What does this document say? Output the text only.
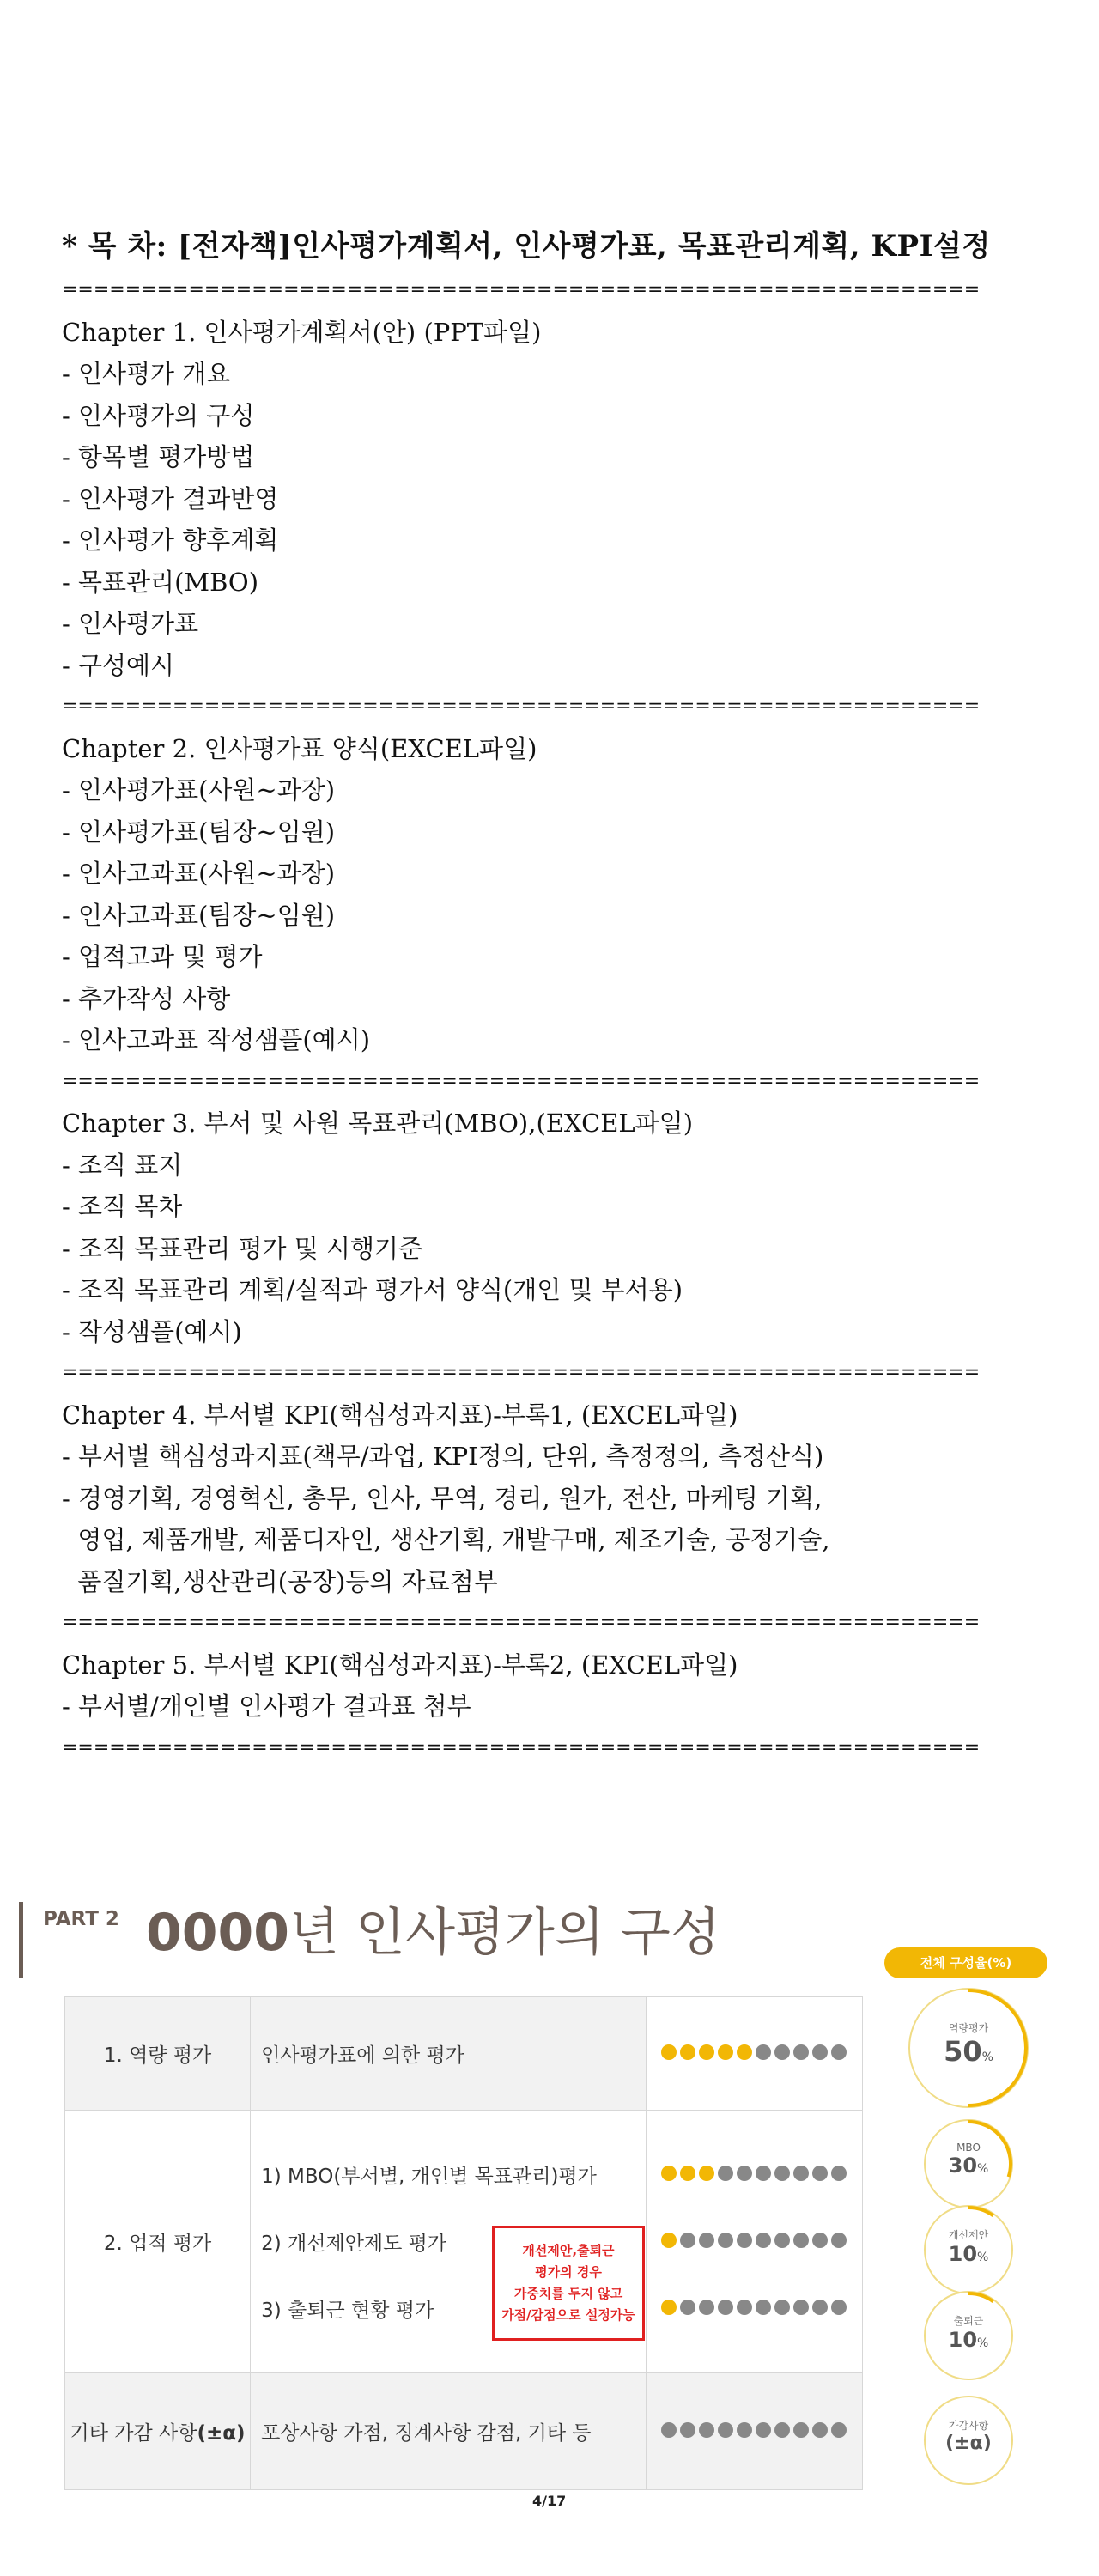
* 목 차: [전자책]인사평가계획서, 인사평가표, 목표관리계획, KPI설정

==========================================================

Chapter 1. 인사평가계획서(안) (PPT파일)

- 인사평가 개요

- 인사평가의 구성

- 항목별 평가방법

- 인사평가 결과반영

- 인사평가 향후계획

- 목표관리(MBO)

- 인사평가표

- 구성예시

==========================================================

Chapter 2. 인사평가표 양식(EXCEL파일)

- 인사평가표(사원~과장)

- 인사평가표(팀장~임원)

- 인사고과표(사원~과장)

- 인사고과표(팀장~임원)

- 업적고과 및 평가

- 추가작성 사항

- 인사고과표 작성샘플(예시)

==========================================================

Chapter 3. 부서 및 사원 목표관리(MBO),(EXCEL파일)

- 조직 표지

- 조직 목차

- 조직 목표관리 평가 및 시행기준

- 조직 목표관리 계획/실적과 평가서 양식(개인 및 부서용)

- 작성샘플(예시)

==========================================================

Chapter 4. 부서별 KPI(핵심성과지표)-부록1, (EXCEL파일)

- 부서별 핵심성과지표(책무/과업, KPI정의, 단위, 측정정의, 측정산식)

- 경영기획, 경영혁신, 총무, 인사, 무역, 경리, 원가, 전산, 마케팅 기획,

영업, 제품개발, 제품디자인, 생산기획, 개발구매, 제조기술, 공정기술,

품질기획,생산관리(공장)등의 자료첨부

==========================================================

Chapter 5. 부서별 KPI(핵심성과지표)-부록2, (EXCEL파일)

- 부서별/개인별 인사평가 결과표 첨부

==========================================================

PART 2 0000년 인사평가의 구성
1. 역량 평가	인사평가표에 의한 평가	
2. 업적 평가	1) MBO(부서별, 개인별 목표관리)평가
2) 개선제안제도 평가
3) 출퇴근 현황 평가	

기타 가감 사항(±α)	포상사항 가점, 징계사항 감점, 기타 등	
개선제안,출퇴근
평가의 경우
가중치를 두지 않고
가점/감점으로 설정가능
전체 구성율(%)
역량평가
50%
MBO
30%
개선제안
10%
출퇴근
10%
가감사항
(±α)
4/17
